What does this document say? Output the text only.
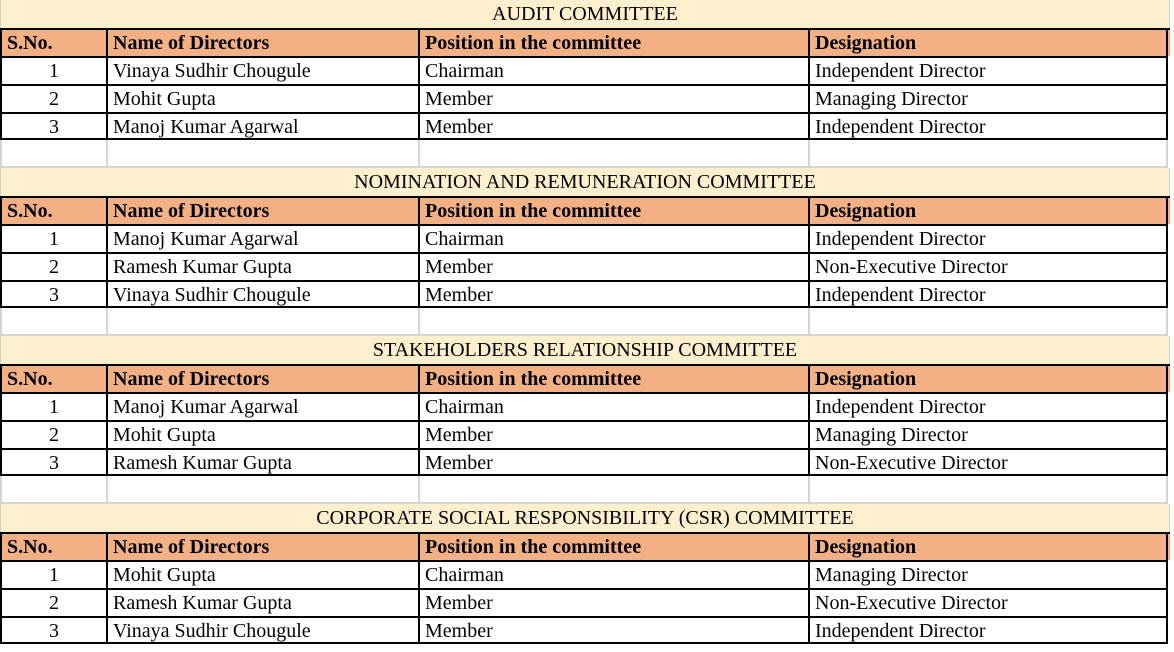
AUDIT COMMITTEE
S.No.	Name of Directors	Position in the committee	Designation
1	Vinaya Sudhir Chougule	Chairman	Independent Director
2	Mohit Gupta	Member	Managing Director
3	Manoj Kumar Agarwal	Member	Independent Director
NOMINATION AND REMUNERATION COMMITTEE
S.No.	Name of Directors	Position in the committee	Designation
1	Manoj Kumar Agarwal	Chairman	Independent Director
2	Ramesh Kumar Gupta	Member	Non-Executive Director
3	Vinaya Sudhir Chougule	Member	Independent Director
STAKEHOLDERS RELATIONSHIP COMMITTEE
S.No.	Name of Directors	Position in the committee	Designation
1	Manoj Kumar Agarwal	Chairman	Independent Director
2	Mohit Gupta	Member	Managing Director
3	Ramesh Kumar Gupta	Member	Non-Executive Director
CORPORATE SOCIAL RESPONSIBILITY (CSR) COMMITTEE
S.No.	Name of Directors	Position in the committee	Designation
1	Mohit Gupta	Chairman	Managing Director
2	Ramesh Kumar Gupta	Member	Non-Executive Director
3	Vinaya Sudhir Chougule	Member	Independent Director
